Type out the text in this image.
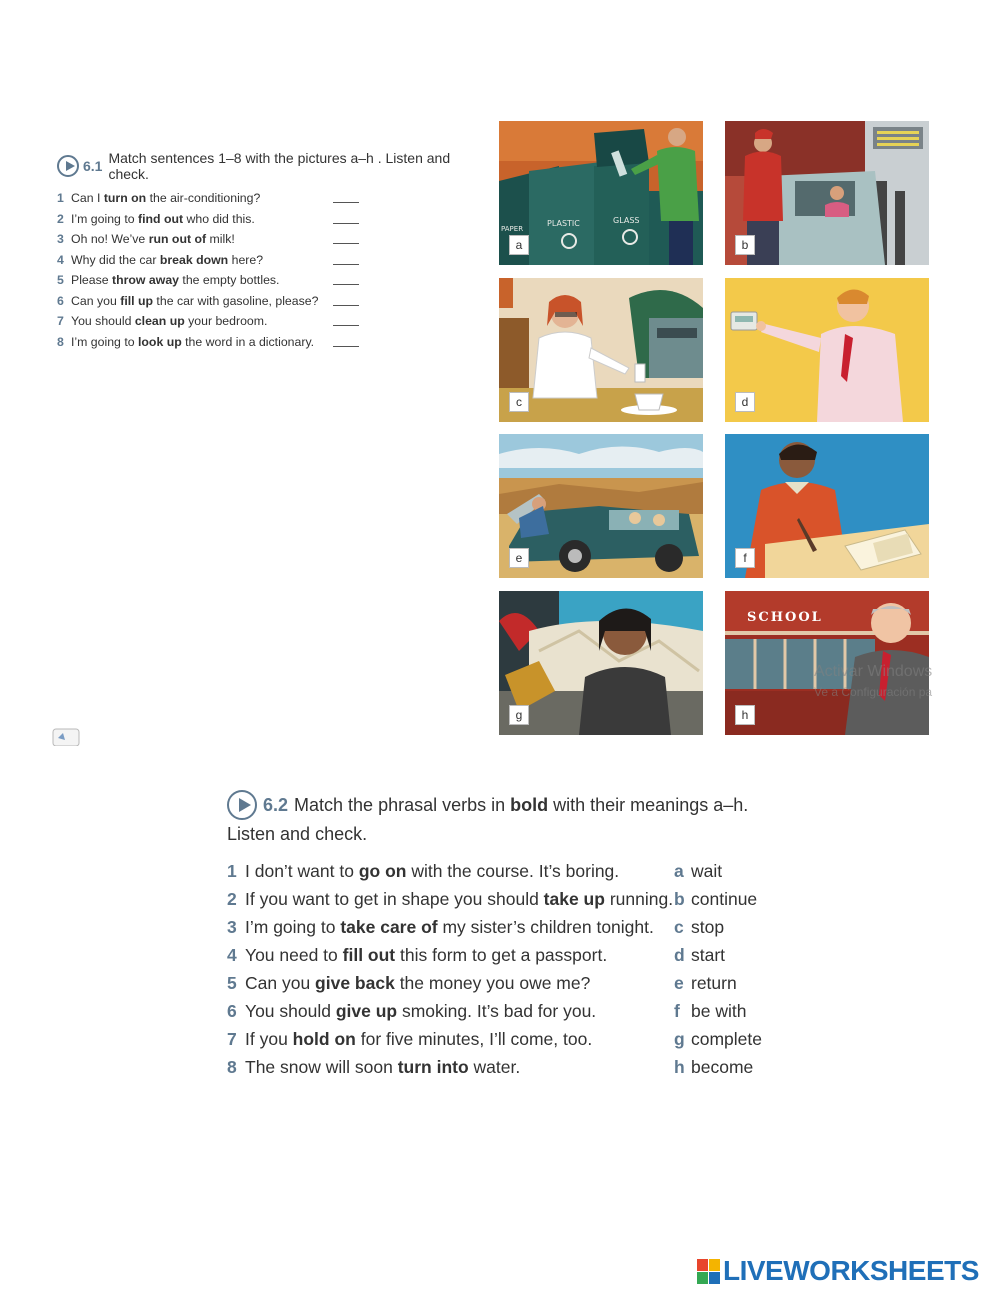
6.1 Match sentences 1–8 with the pictures a–h . Listen and check.
1 Can I turn on the air-conditioning?
2 I’m going to find out who did this.
3 Oh no! We’ve run out of milk!
4 Why did the car break down here?
5 Please throw away the empty bottles.
6 Can you fill up the car with gasoline, please?
7 You should clean up your bedroom.
8 I’m going to look up the word in a dictionary.
PLASTIC	GLASS
PAPER
a	b
c	d
e	f
g
SCHOOL
h
Activar Windows
Ve a Configuración pa
6.2 Match the phrasal verbs in bold with their meanings a–h.
Listen and check.
1 I don’t want to go on with the course. It’s boring.	a wait
2 If you want to get in shape you should take up running. b continue
3 I’m going to take care of my sister’s children tonight.	c stop
4 You need to fill out this form to get a passport.	d start
5 Can you give back the money you owe me?	e return
6 You should give up smoking. It’s bad for you.	f be with
7 If you hold on for five minutes, I’ll come, too.	g complete
8 The snow will soon turn into water.	h become
LIVEWORKSHEETS
